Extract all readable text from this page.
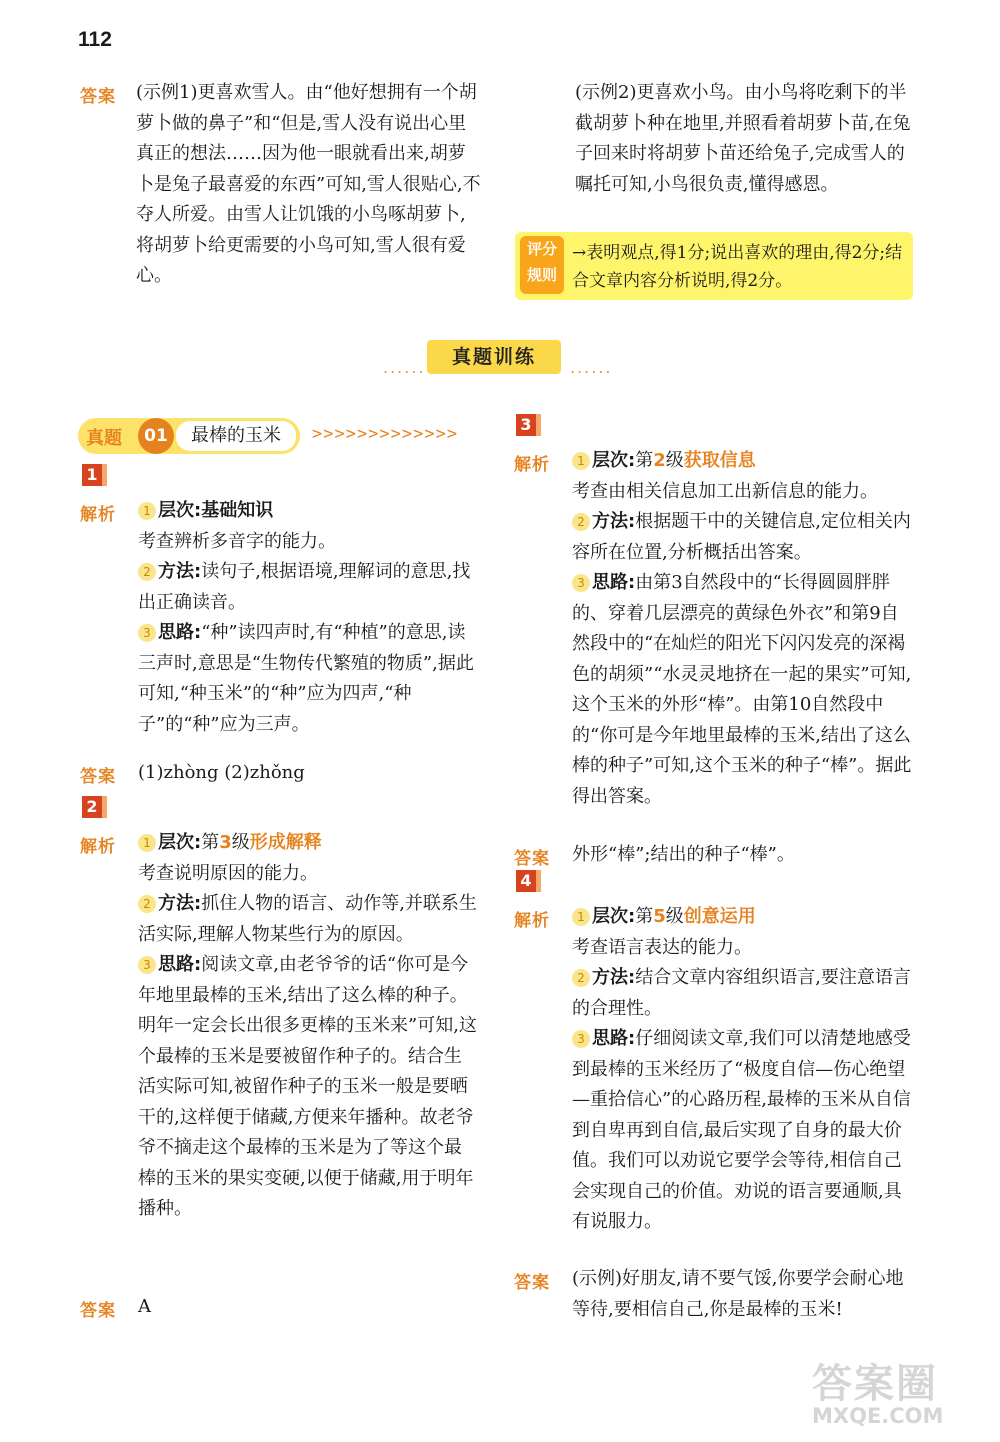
112
答案 (示例1)更喜欢雪人。由“他好想拥有一个胡萝卜做的鼻子”和“但是,雪人没有说出心里真正的想法……因为他一眼就看出来,胡萝卜是兔子最喜爱的东西”可知,雪人很贴心,不夺人所爱。由雪人让饥饿的小鸟啄胡萝卜,将胡萝卜给更需要的小鸟可知,雪人很有爱心。

(示例2)更喜欢小鸟。由小鸟将吃剩下的半截胡萝卜种在地里,并照看着胡萝卜苗,在兔子回来时将胡萝卜苗还给兔子,完成雪人的嘱托可知,小鸟很负责,懂得感恩。

评分
规则
→表明观点,得1分;说出喜欢的理由,得2分;结合文章内容分析说明,得2分。
......	真题训练	......
真题	01	最棒的玉米	>>>>>>>>>>>>>
1
解析	1 层次:基础知识

考查辨析多音字的能力。

2 方法:读句子,根据语境,理解词的意思,找出正确读音。

3 思路:“种”读四声时,有“种植”的意思,读三声时,意思是“生物传代繁殖的物质”,据此可知,“种玉米”的“种”应为四声,“种子”的“种”应为三声。

答案 (1)zhòng (2)zhǒng
2
解析	1 层次:第3级形成解释

考查说明原因的能力。

2 方法:抓住人物的语言、动作等,并联系生活实际,理解人物某些行为的原因。

3 思路:阅读文章,由老爷爷的话“你可是今年地里最棒的玉米,结出了这么棒的种子。明年一定会长出很多更棒的玉米来”可知,这个最棒的玉米是要被留作种子的。结合生活实际可知,被留作种子的玉米一般是要晒干的,这样便于储藏,方便来年播种。故老爷爷不摘走这个最棒的玉米是为了等这个最棒的玉米的果实变硬,以便于储藏,用于明年播种。

答案 A
3
解析	1 层次:第2级获取信息

考查由相关信息加工出新信息的能力。

2 方法:根据题干中的关键信息,定位相关内容所在位置,分析概括出答案。

3 思路:由第3自然段中的“长得圆圆胖胖的、穿着几层漂亮的黄绿色外衣”和第9自然段中的“在灿烂的阳光下闪闪发亮的深褐色的胡须”“水灵灵地挤在一起的果实”可知,这个玉米的外形“棒”。由第10自然段中的“你可是今年地里最棒的玉米,结出了这么棒的种子”可知,这个玉米的种子“棒”。据此得出答案。

答案 外形“棒”;结出的种子“棒”。
4
解析	1 层次:第5级创意运用

考查语言表达的能力。

2 方法:结合文章内容组织语言,要注意语言的合理性。

3 思路:仔细阅读文章,我们可以清楚地感受到最棒的玉米经历了“极度自信—伤心绝望—重拾信心”的心路历程,最棒的玉米从自信到自卑再到自信,最后实现了自身的最大价值。我们可以劝说它要学会等待,相信自己会实现自己的价值。劝说的语言要通顺,具有说服力。

答案 (示例)好朋友,请不要气馁,你要学会耐心地等待,要相信自己,你是最棒的玉米!
答案圈
MXQE.COM
